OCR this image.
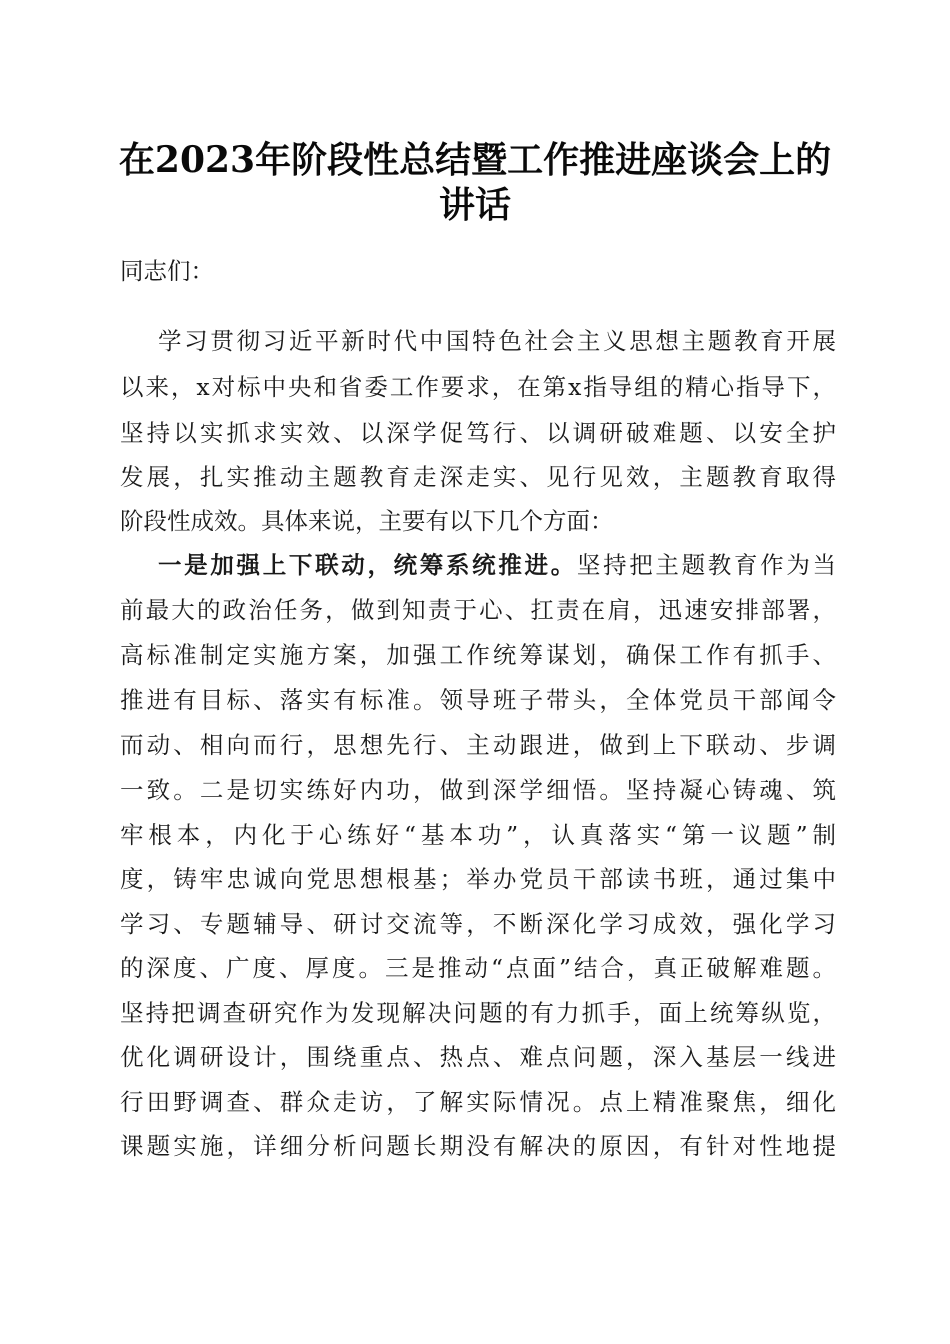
在2023年阶段性总结暨工作推进座谈会上的
讲话
同志们：
学习贯彻习近平新时代中国特色社会主义思想主题教育开展
以来，x对标中央和省委工作要求，在第x指导组的精心指导下，
坚持以实抓求实效、以深学促笃行、以调研破难题、以安全护
发展，扎实推动主题教育走深走实、见行见效，主题教育取得
阶段性成效。具体来说，主要有以下几个方面：
一是加强上下联动，统筹系统推进。坚持把主题教育作为当
前最大的政治任务，做到知责于心、扛责在肩，迅速安排部署，
高标准制定实施方案，加强工作统筹谋划，确保工作有抓手、
推进有目标、落实有标准。领导班子带头，全体党员干部闻令
而动、相向而行，思想先行、主动跟进，做到上下联动、步调
一致。二是切实练好内功，做到深学细悟。坚持凝心铸魂、筑
牢根本，内化于心练好“基本功”，认真落实“第一议题”制
度，铸牢忠诚向党思想根基；举办党员干部读书班，通过集中
学习、专题辅导、研讨交流等，不断深化学习成效，强化学习
的深度、广度、厚度。三是推动“点面”结合，真正破解难题。
坚持把调查研究作为发现解决问题的有力抓手，面上统筹纵览，
优化调研设计，围绕重点、热点、难点问题，深入基层一线进
行田野调查、群众走访，了解实际情况。点上精准聚焦，细化
课题实施，详细分析问题长期没有解决的原因，有针对性地提
